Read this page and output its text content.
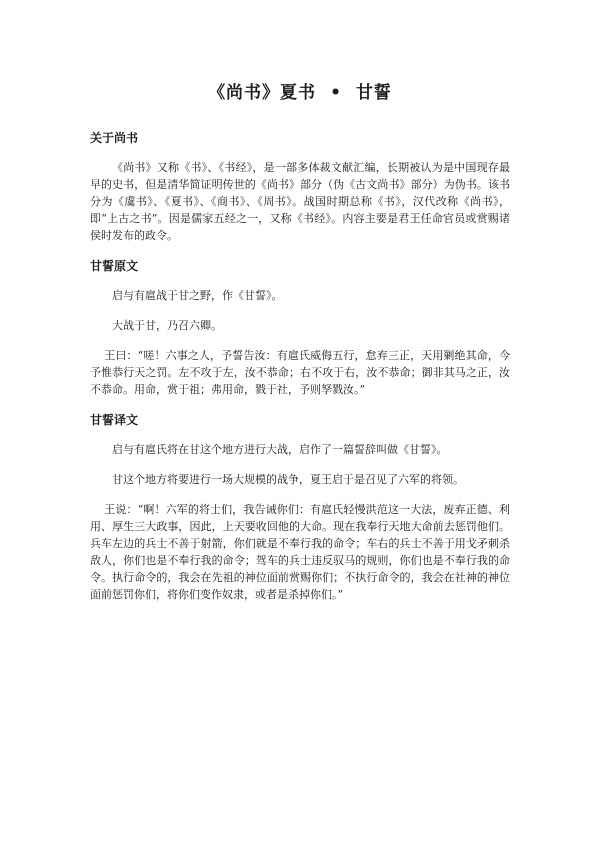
《尚书》夏书 • 甘誓
关于尚书

《尚书》又称《书》、《书经》，是一部多体裁文献汇编，长期被认为是中国现存最早的史书，但是清华简证明传世的《尚书》部分（伪《古文尚书》部分）为伪书。该书分为《虞书》、《夏书》、《商书》、《周书》。战国时期总称《书》，汉代改称《尚书》，即“上古之书”。因是儒家五经之一，又称《书经》。内容主要是君王任命官员或赏赐诸侯时发布的政令。

甘誓原文

启与有扈战于甘之野，作《甘誓》。

大战于甘，乃召六卿。

王曰：“嗟！六事之人，予誓告汝：有扈氏威侮五行，怠弃三正，天用剿绝其命，今予惟恭行天之罚。左不攻于左，汝不恭命；右不攻于右，汝不恭命；御非其马之正，汝不恭命。用命，赏于祖；弗用命，戮于社，予则孥戮汝。”

甘誓译文

启与有扈氏将在甘这个地方进行大战，启作了一篇誓辞叫做《甘誓》。

甘这个地方将要进行一场大规模的战争，夏王启于是召见了六军的将领。

王说：“啊！六军的将士们，我告诫你们：有扈氏轻慢洪范这一大法，废弃正德、利用、厚生三大政事，因此，上天要收回他的大命。现在我奉行天地大命前去惩罚他们。兵车左边的兵士不善于射箭，你们就是不奉行我的命令；车右的兵士不善于用戈矛刺杀敌人，你们也是不奉行我的命令；驾车的兵士违反驭马的规则，你们也是不奉行我的命令。执行命令的，我会在先祖的神位面前赏赐你们；不执行命令的，我会在社神的神位面前惩罚你们，将你们变作奴隶，或者是杀掉你们。”
